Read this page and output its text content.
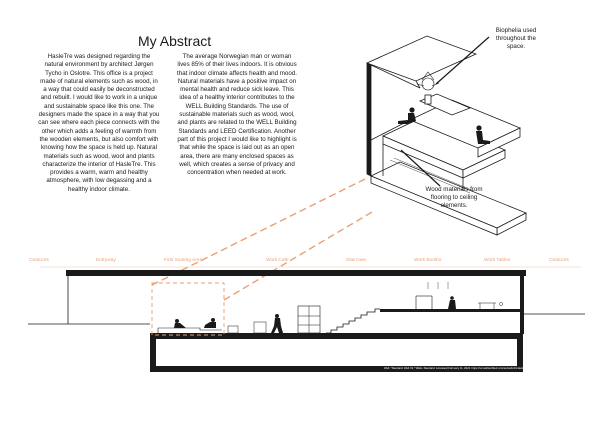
My Abstract
HasleTre was designed regarding the natural environment by architect Jørgen Tycho in Oslotre. This office is a project made of natural elements such as wood, in a way that could easily be deconstructed and rebuilt. I would like to work in a unique and sustainable space like this one. The designers made the space in a way that you can see where each piece connects with the other which adds a feeling of warmth from the wooden elements, but also comfort with knowing how the space is held up. Natural materials such as wood, wool and plants characterize the interior of HasleTre. This provides a warm, warm and healthy atmosphere, with low degassing and a healthy indoor climate.
The average Norwegian man or woman lives 85% of their lives indoors. It is obvious that indoor climate affects health and mood. Natural materials have a positive impact on mental health and reduce sick leave. This idea of a healthy interior contributes to the WELL Building Standards. The use of sustainable materials such as wood, wool, and plants are related to the WELL Building Standards and LEED Certification. Another part of this project I would like to highlight is that while the space is laid out as an open area, there are many enclosed spaces as well, which creates a sense of privacy and concentration when needed at work.
Biophelia used throughout the space.
Wood materials from flooring to ceiling elements.
Outdoors	Entryway	First Seating Area	Work Cafe	Staircase	Work Booths	Work Tables	Outdoors
Well. "Standard: Well V2." WELL Standard. Accessed February 11, 2024. https://v2.wellcertified.com/en/wellv2/materials
